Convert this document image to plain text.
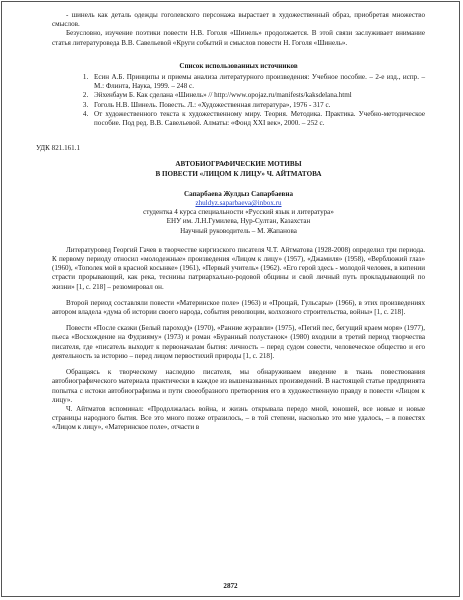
- шинель как деталь одежды гоголевского персонажа вырастает в художественный образ, приобретая множество смыслов.

Безусловно, изучение поэтики повести Н.В. Гоголя «Шинель» продолжается. В этой связи заслуживает внимание статья литературоведа В.В. Савельевой «Круги событий и смыслов повести Н. Гоголя «Шинель».

Список использованных источников

1. Есин А.Б. Принципы и приемы анализа литературного произведения: Учебное пособие. – 2-е изд., испр. – М.: Флинта, Наука, 1999. – 248 с.
2. Эйхенбаум Б. Как сделана «Шинель» // http://www.opojaz.ru/manifests/kaksdelana.html
3. Гоголь Н.В. Шинель. Повесть. Л.: «Художественная литература», 1976 - 317 с.
4. От художественного текста к художественному миру. Теория. Методика. Практика. Учебно-методическое пособие. Под ред. В.В. Савельевой. Алматы: «Фонд XXI век», 2000. – 252 с.

УДК 821.161.1

АВТОБИОГРАФИЧЕСКИЕ МОТИВЫ

В ПОВЕСТИ «ЛИЦОМ К ЛИЦУ» Ч. АЙТМАТОВА

Сапарбаева Жулдыз Сапарбаевна

zhuldyz.saparbaeva@inbox.ru

студентка 4 курса специальности «Русский язык и литература»

ЕНУ им. Л.Н.Гумилева, Нур-Султан, Казахстан

Научный руководитель – М. Жапанова

Литературовед Георгий Гачев в творчестве киргизского писателя Ч.Т. Айтматова (1928-2008) определил три периода. К первому периоду относил «молодежные» произведения «Лицом к лицу» (1957), «Джамиля» (1958), «Верблюжий глаз» (1960), «Тополек мой в красной косынке» (1961), «Первый учитель» (1962). «Его герой здесь - молодой человек, в кипении страсти прорывающий, как река, теснины патриархально-родовой общины и свой личный путь прокладывающий по жизни» [1, с. 218] – резюмировал он.

Второй период составляли повести «Материнское поле» (1963) и «Прощай, Гульсары» (1966), в этих произведениях автором владела «дума об истории своего народа, события революции, колхозного строительства, войны» [1, с. 218].

Повести «После сказки (Белый пароход)» (1970), «Ранние журавли» (1975), «Пегий пес, бегущий краем моря» (1977), пьеса «Восхождение на Фудзияму» (1973) и роман «Буранный полустанок» (1980) входили в третий период творчества писателя, где «писатель выходит к первоначалам бытия: личность – перед судом совести, человеческое общество и его деятельность за историю – перед лицом первостихий природы [1, с. 218].

Обращаясь к творческому наследию писателя, мы обнаруживаем введение в ткань повествования автобиографического материала практически в каждое из вышеназванных произведений. В настоящей статье предпринята попытка с истоки автобиографизма и пути своеобразного претворения его в художественную правду в повести «Лицом к лицу».

Ч. Айтматов вспоминал: «Продолжалась война, и жизнь открывала передо мной, юношей, все новые и новые страницы народного бытия. Все это много позже отразилось, – в той степени, насколько это мне удалось, – в повестях «Лицом к лицу», «Материнское поле», отчасти в

2872
